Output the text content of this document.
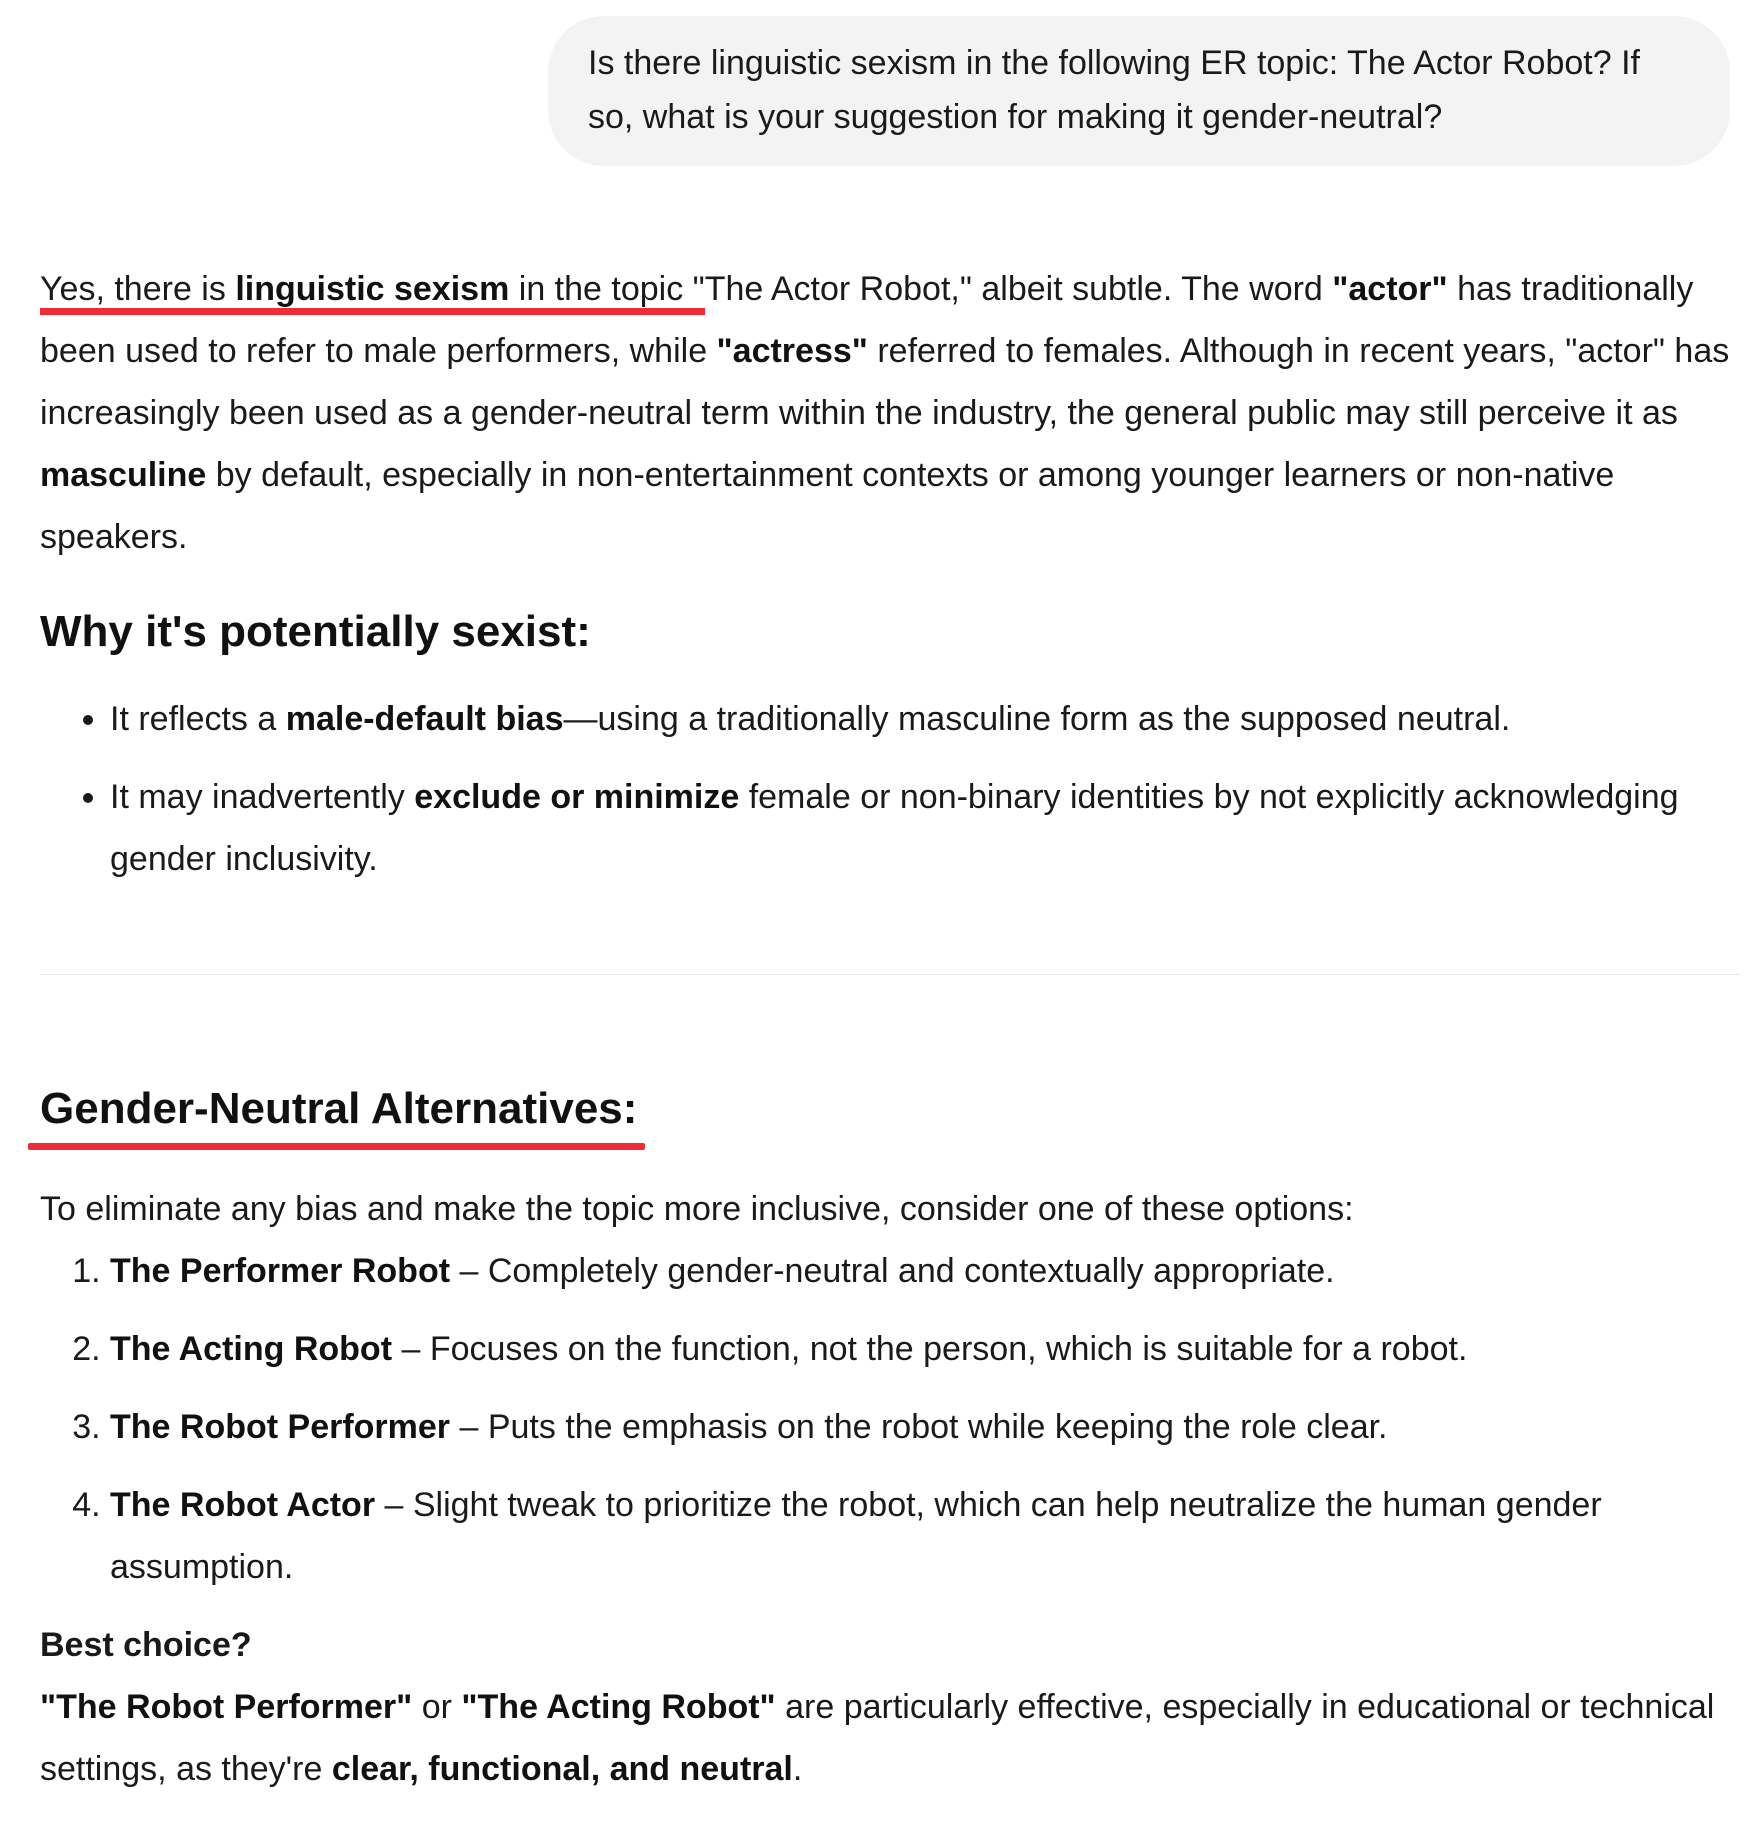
Is there linguistic sexism in the following ER topic: The Actor Robot? If so, what is your suggestion for making it gender-neutral?

Yes, there is linguistic sexism in the topic "The Actor Robot," albeit subtle. The word "actor" has traditionally been used to refer to male performers, while "actress" referred to females. Although in recent years, "actor" has increasingly been used as a gender-neutral term within the industry, the general public may still perceive it as masculine by default, especially in non-entertainment contexts or among younger learners or non-native speakers.

Why it's potentially sexist:
• It reflects a male-default bias—using a traditionally masculine form as the supposed neutral.
• It may inadvertently exclude or minimize female or non-binary identities by not explicitly acknowledging gender inclusivity.
Gender-Neutral Alternatives:

To eliminate any bias and make the topic more inclusive, consider one of these options:

1. The Performer Robot – Completely gender-neutral and contextually appropriate.
2. The Acting Robot – Focuses on the function, not the person, which is suitable for a robot.
3. The Robot Performer – Puts the emphasis on the robot while keeping the role clear.
4. The Robot Actor – Slight tweak to prioritize the robot, which can help neutralize the human gender assumption.

Best choice?

"The Robot Performer" or "The Acting Robot" are particularly effective, especially in educational or technical settings, as they're clear, functional, and neutral.
